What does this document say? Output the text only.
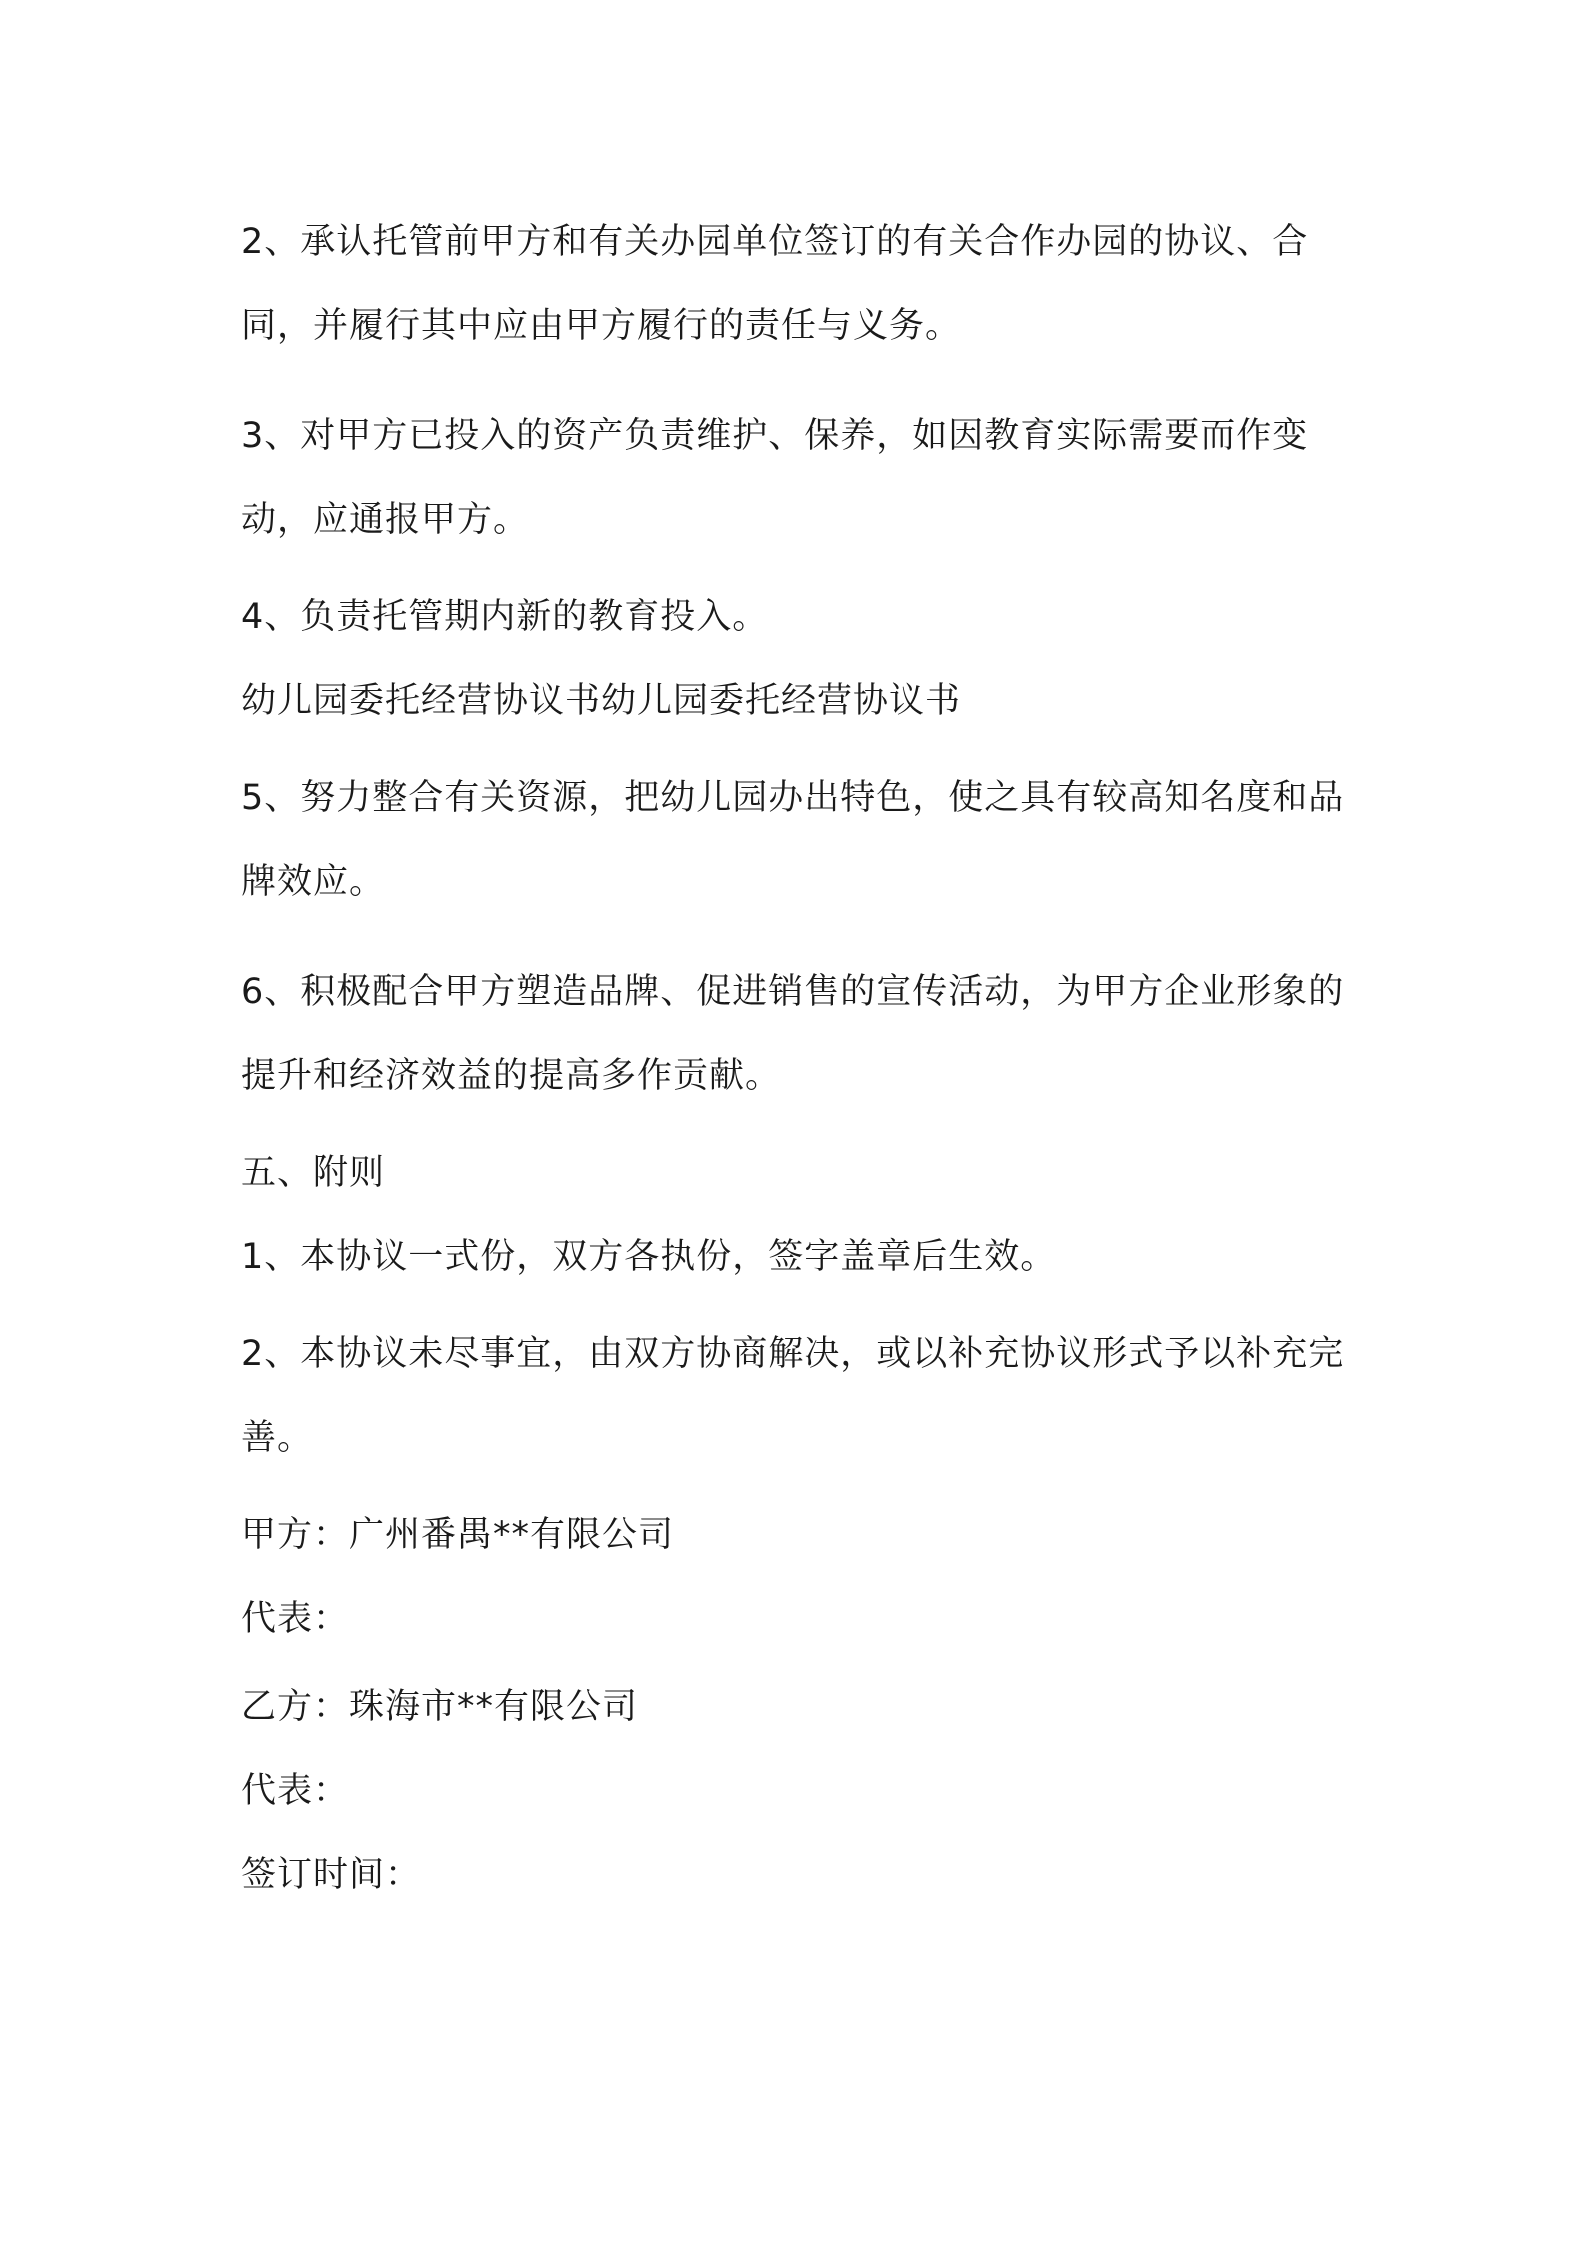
2、承认托管前甲方和有关办园单位签订的有关合作办园的协议、合同，并履行其中应由甲方履行的责任与义务。

3、对甲方已投入的资产负责维护、保养，如因教育实际需要而作变动，应通报甲方。

4、负责托管期内新的教育投入。

幼儿园委托经营协议书幼儿园委托经营协议书

5、努力整合有关资源，把幼儿园办出特色，使之具有较高知名度和品牌效应。

6、积极配合甲方塑造品牌、促进销售的宣传活动，为甲方企业形象的提升和经济效益的提高多作贡献。

五、附则

1、本协议一式份，双方各执份，签字盖章后生效。

2、本协议未尽事宜，由双方协商解决，或以补充协议形式予以补充完善。

甲方：广州番禺**有限公司

代表：

乙方：珠海市**有限公司

代表：

签订时间：
